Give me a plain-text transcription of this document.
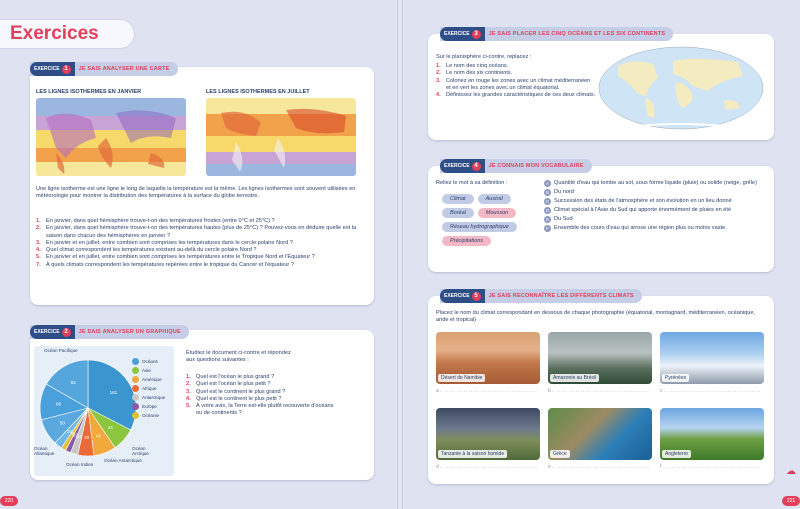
Exercices
EXERCICE 1	JE SAIS ANALYSER UNE CARTE
LES LIGNES ISOTHERMES EN JANVIER	LES LIGNES ISOTHERMES EN JUILLET
Une ligne isotherme est une ligne le long de laquelle la température est la même. Les lignes isothermes sont souvent utilisées en météorologie pour montrer la distribution des températures à la surface du globe terrestre.
1. En janvier, dans quel hémisphère trouve-t-on des températures froides (entre 0°C et 25°C) ?
2. En janvier, dans quel hémisphère trouve-t-on des températures hautes (plus de 25°C) ? Pouvez-vous en déduire quelle est la saison dans chacun des hémisphères en janvier ?
3. En janvier et en juillet, entre combien sont comprises les températures dans le cercle polaire Nord ?
4. Quel climat correspondent les températures existant au-delà du cercle polaire Nord ?
5. En janvier et en juillet, entre combien sont comprises les températures entre le Tropique Nord et l'Équateur ?
7. À quels climats correspondent les températures repérées entre le tropique du Cancer et l'équateur ?
EXERCICE 2	JE SAIS ANALYSER UN GRAPHIQUE
181
44
42
30
14
10
9
15
50
68
93
Océans
Asie
Amérique
Afrique
Antarctique
Europe
Océanie
Océan Pacifique
Océan Atlantique
Océan Indien
Océan Antarctique
Océan Arctique
Étudiez le document ci-contre et répondez aux questions suivantes :
1. Quel est l'océan le plus grand ?
2. Quel est l'océan le plus petit ?
3. Quel est le continent le plus grand ?
4. Quel est le continent le plus petit ?
5. À votre avis, la Terre est-elle plutôt recouverte d'océans ou de continents ?
220
EXERCICE 3	JE SAIS PLACER LES CINQ OCÉANS ET LES SIX CONTINENTS
Sur le planisphère ci-contre, replacez :
1. Le nom des cinq océans.
2. Le nom des six continents.
3. Coloriez en rouge les zones avec un climat méditerranéen et en vert les zones avec un climat équatorial.
4. Définissez les grandes caractéristiques de ces deux climats.
EXERCICE 4	JE CONNAIS MON VOCABULAIRE
Reliez le mot à sa définition :
Climat	Austral Boréal	Mousson Réseau hydrographique Précipitations
A Quantité d'eau qui tombe au sol, sous forme liquide (pluie) ou solide (neige, grêle)
B Du nord
C Succession des états de l'atmosphère et son évolution en un lieu donné
D Climat spécial à l'Asie du Sud qui apporte énormément de pluies en été
E Du Sud
F Ensemble des cours d'eau qui arrose une région plus ou moins vaste.
EXERCICE 5	JE SAIS RECONNAÎTRE LES DIFFÉRENTS CLIMATS
Placez le nom du climat correspondant en dessous de chaque photographie (équatorial, montagnard, méditerranéen, océanique, aride et tropical)
Désert de Namibie	Amazonie au Brésil	Pyrénées
a. ....................................... b. ....................................... c. .......................................
Tanzanie à la saison humide	Grèce	Angleterre
d. ....................................... e. ....................................... f. .......................................
221
☁
